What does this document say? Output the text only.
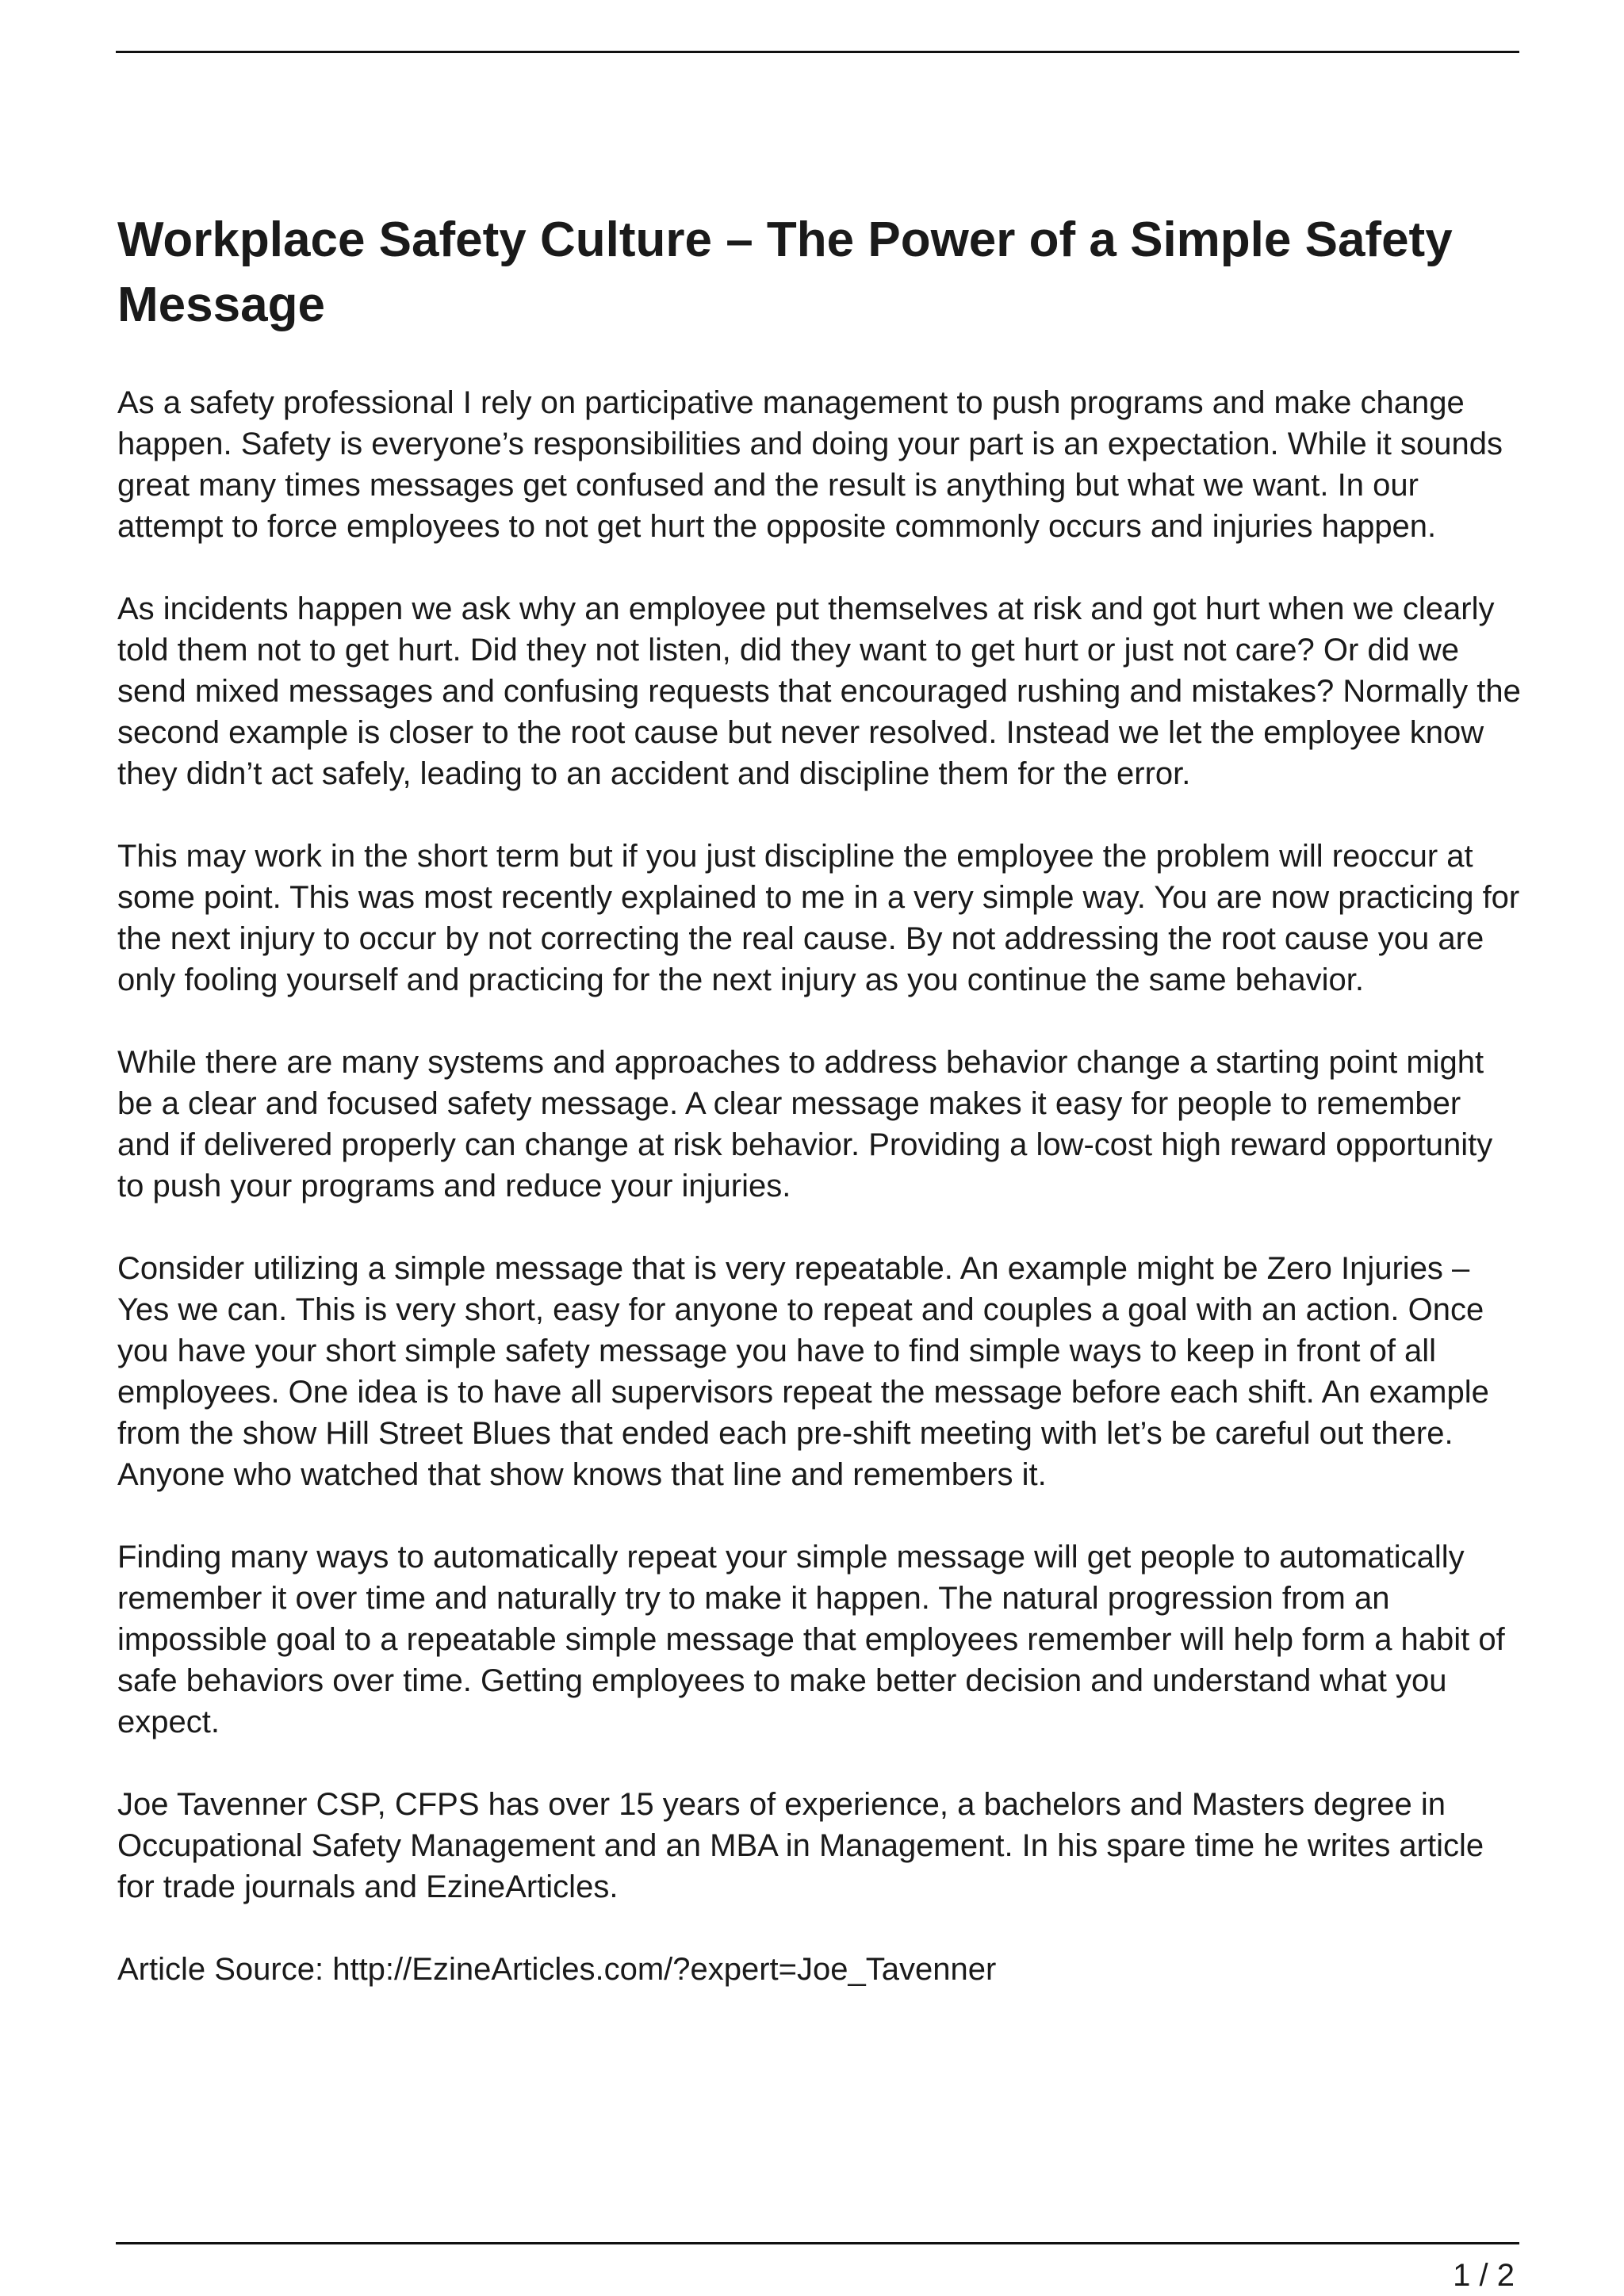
Workplace Safety Culture – The Power of a Simple Safety Message

As a safety professional I rely on participative management to push programs and make change happen. Safety is everyone’s responsibilities and doing your part is an expectation. While it sounds great many times messages get confused and the result is anything but what we want. In our attempt to force employees to not get hurt the opposite commonly occurs and injuries happen.

As incidents happen we ask why an employee put themselves at risk and got hurt when we clearly told them not to get hurt. Did they not listen, did they want to get hurt or just not care? Or did we send mixed messages and confusing requests that encouraged rushing and mistakes? Normally the second example is closer to the root cause but never resolved. Instead we let the employee know they didn’t act safely, leading to an accident and discipline them for the error.

This may work in the short term but if you just discipline the employee the problem will reoccur at some point. This was most recently explained to me in a very simple way. You are now practicing for the next injury to occur by not correcting the real cause. By not addressing the root cause you are only fooling yourself and practicing for the next injury as you continue the same behavior.

While there are many systems and approaches to address behavior change a starting point might be a clear and focused safety message. A clear message makes it easy for people to remember and if delivered properly can change at risk behavior. Providing a low-cost high reward opportunity to push your programs and reduce your injuries.

Consider utilizing a simple message that is very repeatable. An example might be Zero Injuries – Yes we can. This is very short, easy for anyone to repeat and couples a goal with an action. Once you have your short simple safety message you have to find simple ways to keep in front of all employees. One idea is to have all supervisors repeat the message before each shift. An example from the show Hill Street Blues that ended each pre-shift meeting with let’s be careful out there. Anyone who watched that show knows that line and remembers it.

Finding many ways to automatically repeat your simple message will get people to automatically remember it over time and naturally try to make it happen. The natural progression from an impossible goal to a repeatable simple message that employees remember will help form a habit of safe behaviors over time. Getting employees to make better decision and understand what you expect.

Joe Tavenner CSP, CFPS has over 15 years of experience, a bachelors and Masters degree in Occupational Safety Management and an MBA in Management. In his spare time he writes article for trade journals and EzineArticles.

Article Source: http://EzineArticles.com/?expert=Joe_Tavenner

1 / 2
